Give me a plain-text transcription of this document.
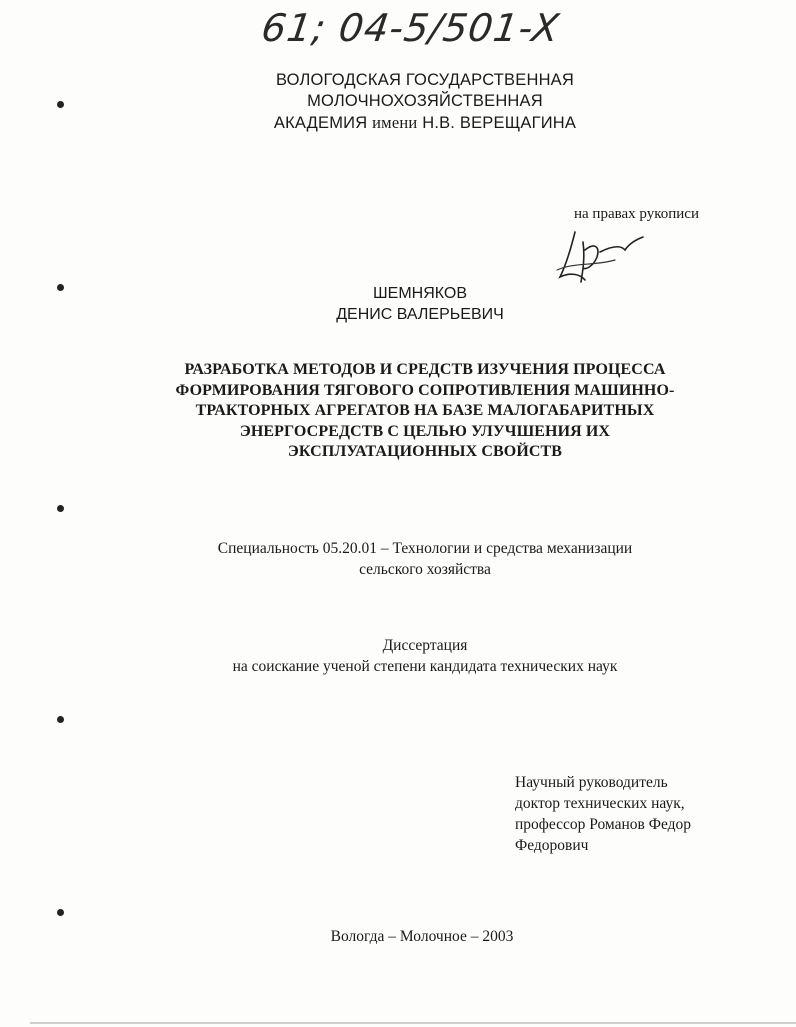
61; 04-5/501-X
ВОЛОГОДСКАЯ ГОСУДАРСТВЕННАЯ
МОЛОЧНОХОЗЯЙСТВЕННАЯ
АКАДЕМИЯ имени Н.В. ВЕРЕЩАГИНА
на правах рукописи
ШЕМНЯКОВ
ДЕНИС ВАЛЕРЬЕВИЧ
РАЗРАБОТКА МЕТОДОВ И СРЕДСТВ ИЗУЧЕНИЯ ПРОЦЕССА
ФОРМИРОВАНИЯ ТЯГОВОГО СОПРОТИВЛЕНИЯ МАШИННО-
ТРАКТОРНЫХ АГРЕГАТОВ НА БАЗЕ МАЛОГАБАРИТНЫХ
ЭНЕРГОСРЕДСТВ С ЦЕЛЬЮ УЛУЧШЕНИЯ ИХ
ЭКСПЛУАТАЦИОННЫХ СВОЙСТВ
Специальность 05.20.01 – Технологии и средства механизации
сельского хозяйства
Диссертация
на соискание ученой степени кандидата технических наук
Научный руководитель
доктор технических наук,
профессор Романов Федор
Федорович
Вологда – Молочное – 2003
